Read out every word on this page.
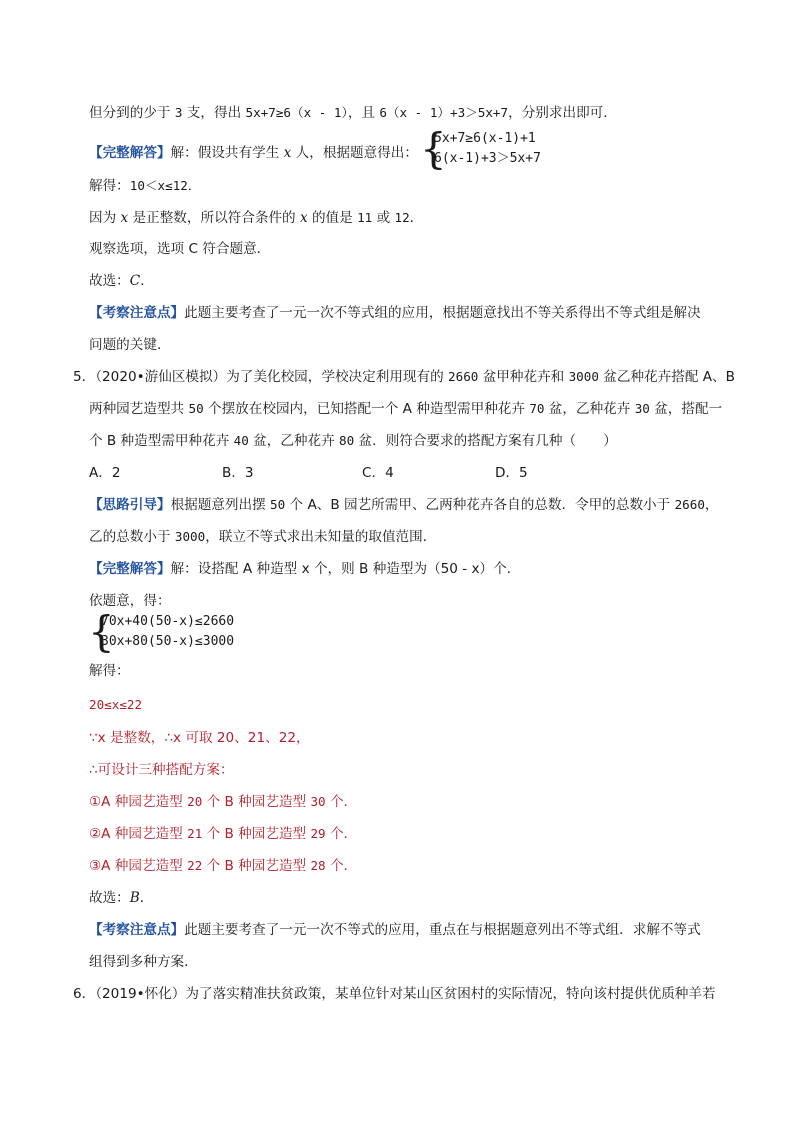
但分到的少于 3 支，得出 5x+7≥6（x - 1），且 6（x - 1）+3＞5x+7，分别求出即可．
【完整解答】解：假设共有学生 x 人，根据题意得出： {
5x+7≥6(x-1)+1
6(x-1)+3＞5x+7
解得：10＜x≤12．
因为 x 是正整数，所以符合条件的 x 的值是 11 或 12．
观察选项，选项 C 符合题意．
故选：C．
【考察注意点】此题主要考查了一元一次不等式组的应用，根据题意找出不等关系得出不等式组是解决
问题的关键．
5．（2020•游仙区模拟）为了美化校园，学校决定利用现有的 2660 盆甲种花卉和 3000 盆乙种花卉搭配 A、B
两种园艺造型共 50 个摆放在校园内，已知搭配一个 A 种造型需甲种花卉 70 盆，乙种花卉 30 盆，搭配一
个 B 种造型需甲种花卉 40 盆，乙种花卉 80 盆．则符合要求的搭配方案有几种（　　）
A．2	B．3	C．4	D．5
【思路引导】根据题意列出摆 50 个 A、B 园艺所需甲、乙两种花卉各自的总数．令甲的总数小于 2660，
乙的总数小于 3000，联立不等式求出未知量的取值范围．
【完整解答】解：设搭配 A 种造型 x 个，则 B 种造型为（50 - x）个．
依题意，得：
{
70x+40(50-x)≤2660
30x+80(50-x)≤3000
解得：
20≤x≤22
∵x 是整数，∴x 可取 20、21、22，
∴可设计三种搭配方案：
①A 种园艺造型 20 个 B 种园艺造型 30 个．
②A 种园艺造型 21 个 B 种园艺造型 29 个．
③A 种园艺造型 22 个 B 种园艺造型 28 个．
故选：B．
【考察注意点】此题主要考查了一元一次不等式的应用，重点在与根据题意列出不等式组．求解不等式
组得到多种方案．
6．（2019•怀化）为了落实精准扶贫政策，某单位针对某山区贫困村的实际情况，特向该村提供优质种羊若
